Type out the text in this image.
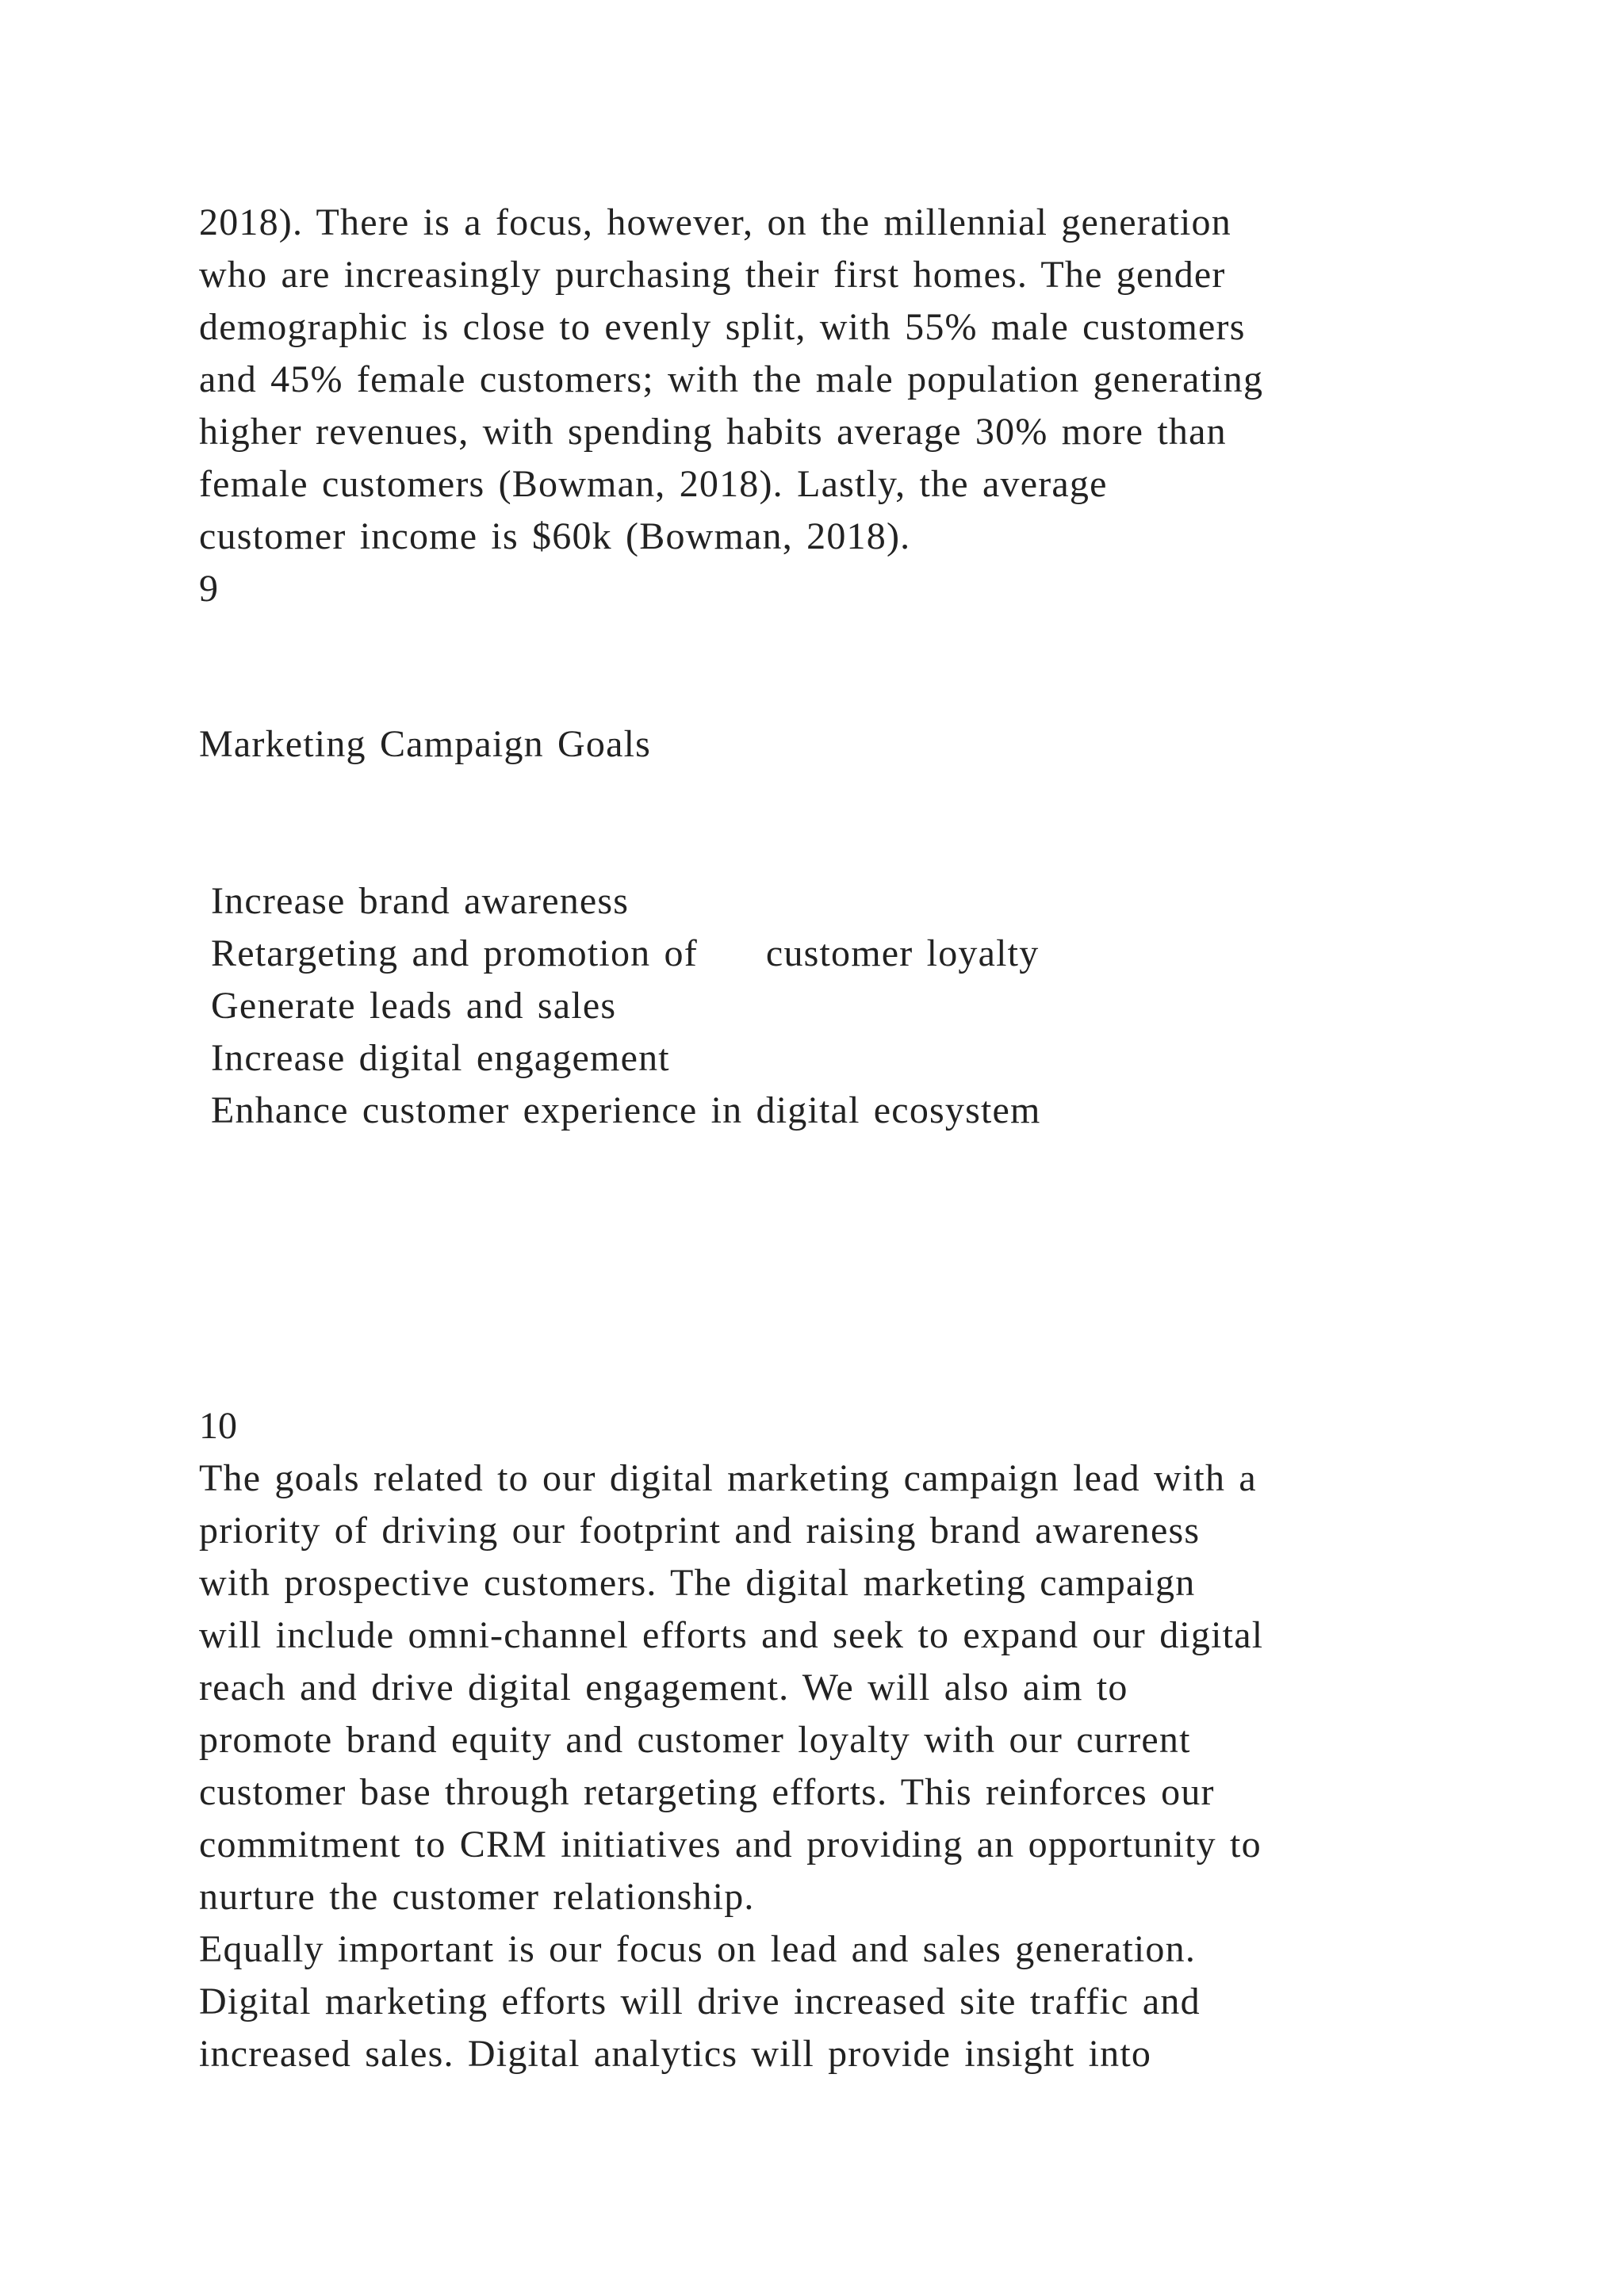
2018). There is a focus, however, on the millennial generation
who are increasingly purchasing their first homes. The gender
demographic is close to evenly split, with 55% male customers
and 45% female customers; with the male population generating
higher revenues, with spending habits average 30% more than
female customers (Bowman, 2018). Lastly, the average
customer income is $60k (Bowman, 2018).
9
Marketing Campaign Goals
Increase brand awareness
Retargeting and promotion of     customer loyalty
Generate leads and sales
Increase digital engagement
Enhance customer experience in digital ecosystem
10
The goals related to our digital marketing campaign lead with a
priority of driving our footprint and raising brand awareness
with prospective customers. The digital marketing campaign
will include omni-channel efforts and seek to expand our digital
reach and drive digital engagement. We will also aim to
promote brand equity and customer loyalty with our current
customer base through retargeting efforts. This reinforces our
commitment to CRM initiatives and providing an opportunity to
nurture the customer relationship.
Equally important is our focus on lead and sales generation.
Digital marketing efforts will drive increased site traffic and
increased sales. Digital analytics will provide insight into
